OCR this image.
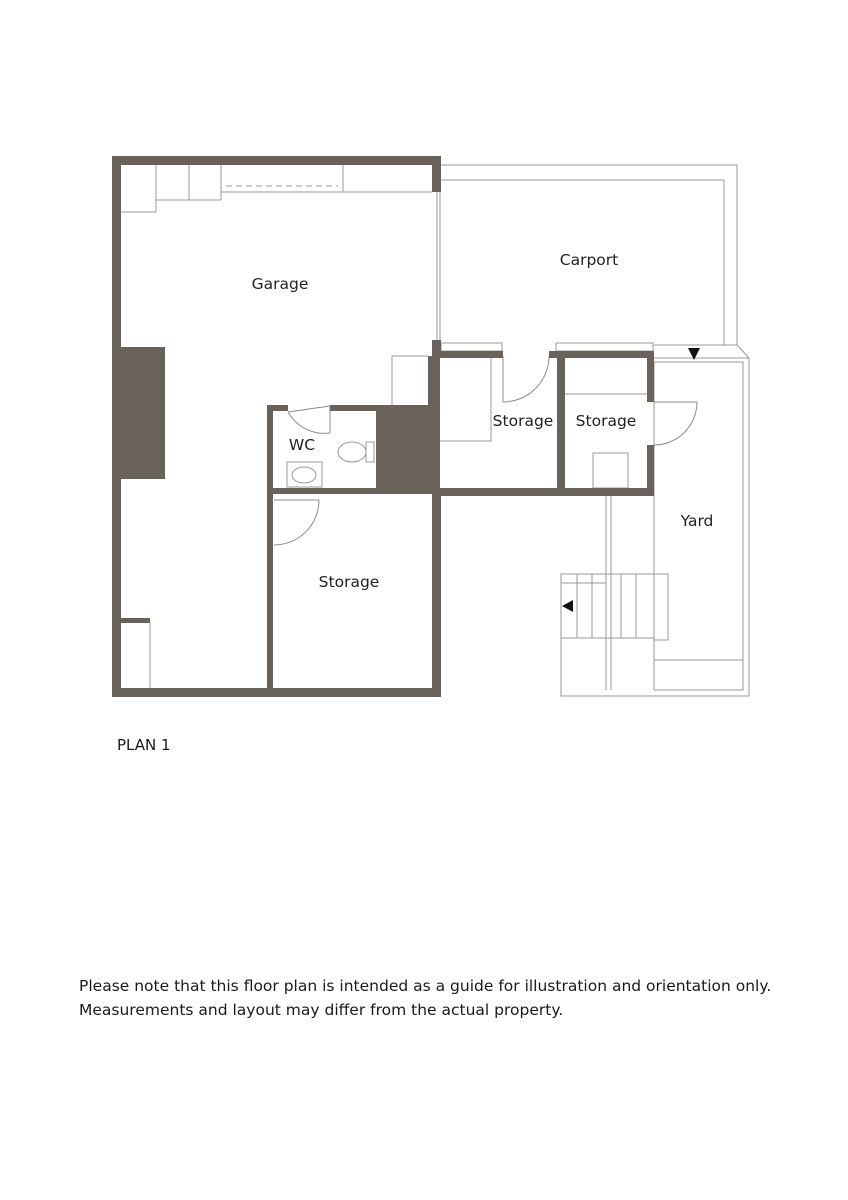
Garage
Carport
Storage Storage
WC
Storage
Yard
PLAN 1

Please note that this floor plan is intended as a guide for illustration and orientation only.

Measurements and layout may differ from the actual property.
